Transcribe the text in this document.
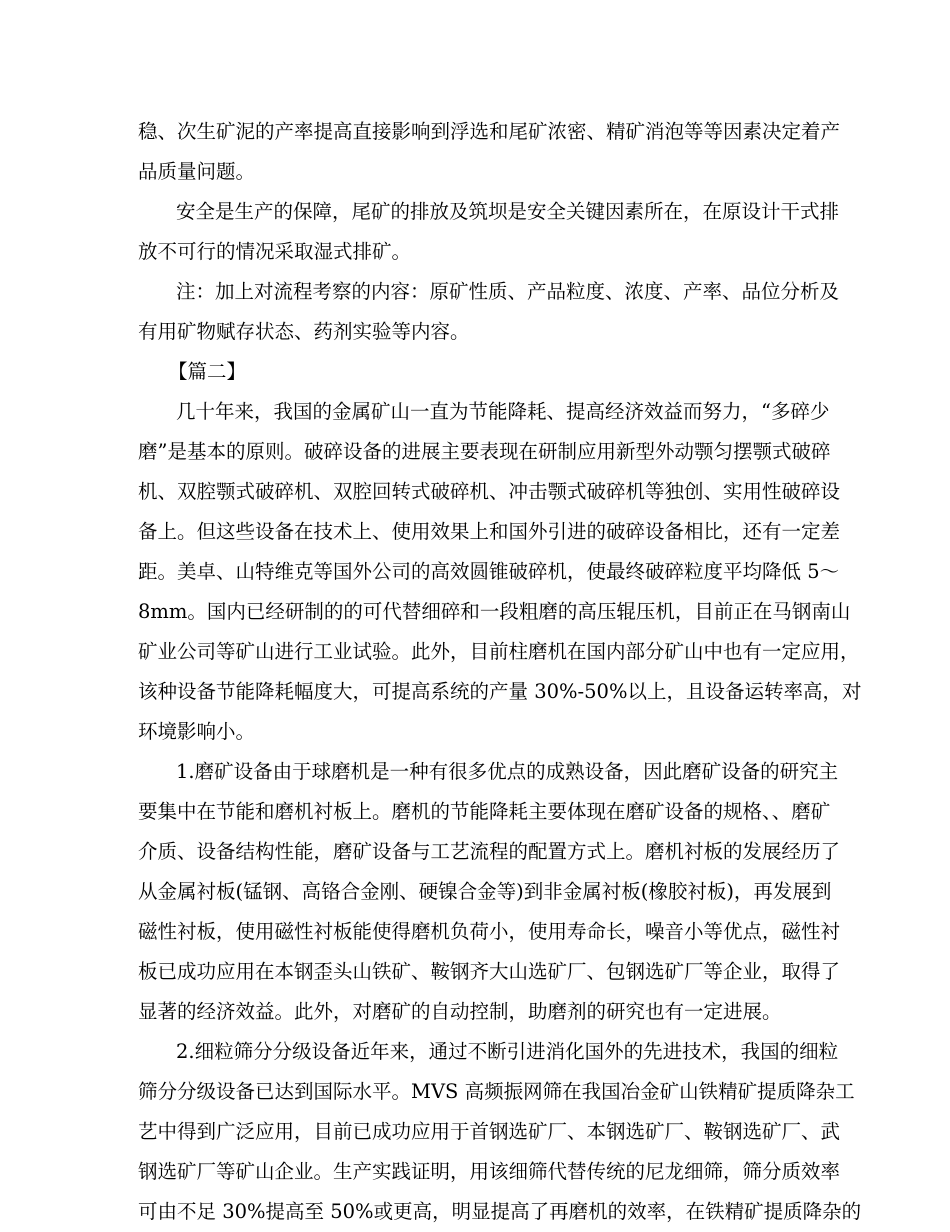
稳、次生矿泥的产率提高直接影响到浮选和尾矿浓密、精矿消泡等等因素决定着产
品质量问题。
安全是生产的保障，尾矿的排放及筑坝是安全关键因素所在，在原设计干式排
放不可行的情况采取湿式排矿。
注：加上对流程考察的内容：原矿性质、产品粒度、浓度、产率、品位分析及
有用矿物赋存状态、药剂实验等内容。
【篇二】
几十年来，我国的金属矿山一直为节能降耗、提高经济效益而努力，“多碎少
磨”是基本的原则。破碎设备的进展主要表现在研制应用新型外动颚匀摆颚式破碎
机、双腔颚式破碎机、双腔回转式破碎机、冲击颚式破碎机等独创、实用性破碎设
备上。但这些设备在技术上、使用效果上和国外引进的破碎设备相比，还有一定差
距。美卓、山特维克等国外公司的高效圆锥破碎机，使最终破碎粒度平均降低 5～
8mm。国内已经研制的的可代替细碎和一段粗磨的高压辊压机，目前正在马钢南山
矿业公司等矿山进行工业试验。此外，目前柱磨机在国内部分矿山中也有一定应用，
该种设备节能降耗幅度大，可提高系统的产量 30%-50%以上，且设备运转率高，对
环境影响小。
1.磨矿设备由于球磨机是一种有很多优点的成熟设备，因此磨矿设备的研究主
要集中在节能和磨机衬板上。磨机的节能降耗主要体现在磨矿设备的规格、、磨矿
介质、设备结构性能，磨矿设备与工艺流程的配置方式上。磨机衬板的发展经历了
从金属衬板(锰钢、高铬合金刚、硬镍合金等)到非金属衬板(橡胶衬板)，再发展到
磁性衬板，使用磁性衬板能使得磨机负荷小，使用寿命长，噪音小等优点，磁性衬
板已成功应用在本钢歪头山铁矿、鞍钢齐大山选矿厂、包钢选矿厂等企业，取得了
显著的经济效益。此外，对磨矿的自动控制，助磨剂的研究也有一定进展。
2.细粒筛分分级设备近年来，通过不断引进消化国外的先进技术，我国的细粒
筛分分级设备已达到国际水平。MVS 高频振网筛在我国冶金矿山铁精矿提质降杂工
艺中得到广泛应用，目前已成功应用于首钢选矿厂、本钢选矿厂、鞍钢选矿厂、武
钢选矿厂等矿山企业。生产实践证明，用该细筛代替传统的尼龙细筛，筛分质效率
可由不足 30%提高至 50%或更高，明显提高了再磨机的效率，在铁精矿提质降杂的
